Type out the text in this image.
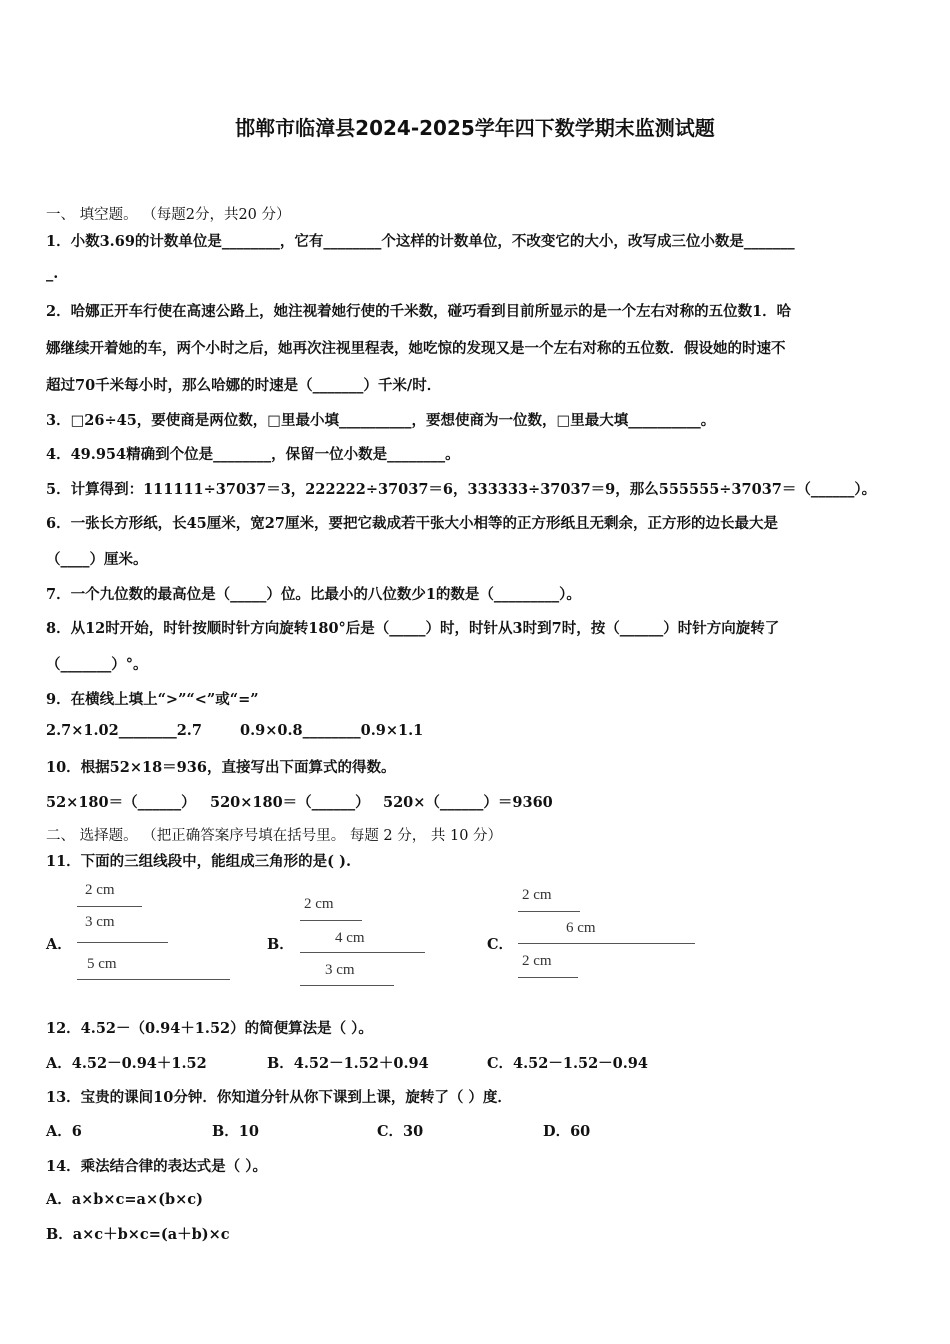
邯郸市临漳县2024-2025学年四下数学期末监测试题
一、 填空题。 （每题2分，共20 分）
1．小数3.69的计数单位是________，它有________个这样的计数单位，不改变它的大小，改写成三位小数是_______
_.
2．哈娜正开车行使在高速公路上，她注视着她行使的千米数，碰巧看到目前所显示的是一个左右对称的五位数1．哈
娜继续开着她的车，两个小时之后，她再次注视里程表，她吃惊的发现又是一个左右对称的五位数．假设她的时速不
超过70千米每小时，那么哈娜的时速是（_______）千米/时．
3．□26÷45，要使商是两位数，□里最小填__________，要想使商为一位数，□里最大填__________。
4．49.954精确到个位是________，保留一位小数是________。
5．计算得到：111111÷37037＝3，222222÷37037＝6，333333÷37037＝9，那么555555÷37037＝（______）。
6．一张长方形纸，长45厘米，宽27厘米，要把它裁成若干张大小相等的正方形纸且无剩余，正方形的边长最大是
（____）厘米。
7．一个九位数的最高位是（_____）位。比最小的八位数少1的数是（_________）。
8．从12时开始，时针按顺时针方向旋转180°后是（_____）时，时针从3时到7时，按（______）时针方向旋转了
（_______）°。
9．在横线上填上“>”“<”或“=”
2.7×1.02________2.7	0.9×0.8________0.9×1.1
10．根据52×18＝936，直接写出下面算式的得数。
52×180＝（______） 520×180＝（______） 520×（______）＝9360
二、 选择题。 （把正确答案序号填在括号里。 每题 2 分， 共 10 分）
11．下面的三组线段中，能组成三角形的是( ).
A．
2 cm
3 cm
5 cm
B．
2 cm
4 cm
3 cm
C．
2 cm
6 cm
2 cm
12．4.52－（0.94＋1.52）的简便算法是（ ）。
A．4.52－0.94＋1.52	B．4.52－1.52＋0.94	C．4.52－1.52－0.94
13．宝贵的课间10分钟．你知道分针从你下课到上课，旋转了（ ）度．
A．6	B．10	C．30	D．60
14．乘法结合律的表达式是（ ）。
A．a×b×c=a×(b×c)
B．a×c＋b×c=(a＋b)×c
